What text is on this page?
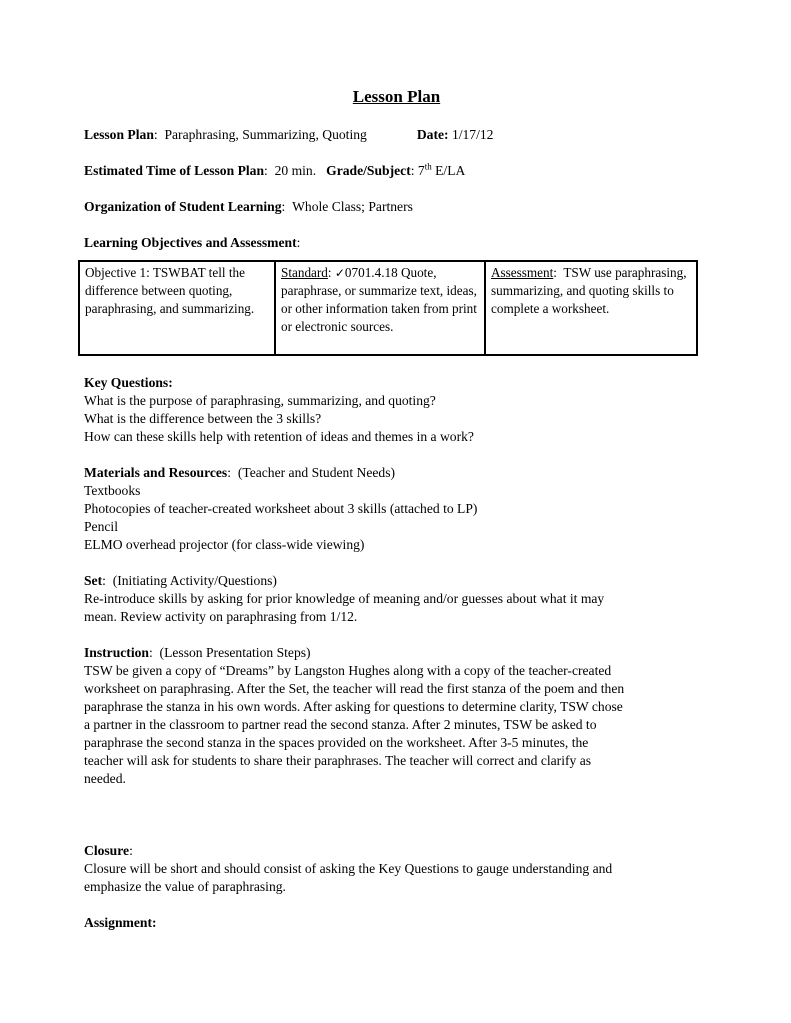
Lesson Plan

Lesson Plan:  Paraphrasing, Summarizing, Quoting	Date: 1/17/12

Estimated Time of Lesson Plan:  20 min. Grade/Subject: 7th E/LA

Organization of Student Learning:  Whole Class; Partners

Learning Objectives and Assessment:

Objective 1: TSWBAT tell the difference between quoting, paraphrasing, and summarizing.	Standard: ✓0701.4.18 Quote, paraphrase, or summarize text, ideas, or other information taken from print or electronic sources.	Assessment:  TSW use paraphrasing, summarizing, and quoting skills to complete a worksheet.

Key Questions:

What is the purpose of paraphrasing, summarizing, and quoting?

What is the difference between the 3 skills?

How can these skills help with retention of ideas and themes in a work?

Materials and Resources:  (Teacher and Student Needs)

Textbooks

Photocopies of teacher-created worksheet about 3 skills (attached to LP)

Pencil

ELMO overhead projector (for class-wide viewing)

Set:  (Initiating Activity/Questions)

Re-introduce skills by asking for prior knowledge of meaning and/or guesses about what it may

mean. Review activity on paraphrasing from 1/12.

Instruction:  (Lesson Presentation Steps)

TSW be given a copy of “Dreams” by Langston Hughes along with a copy of the teacher-created

worksheet on paraphrasing. After the Set, the teacher will read the first stanza of the poem and then

paraphrase the stanza in his own words. After asking for questions to determine clarity, TSW chose

a partner in the classroom to partner read the second stanza. After 2 minutes, TSW be asked to

paraphrase the second stanza in the spaces provided on the worksheet. After 3-5 minutes, the

teacher will ask for students to share their paraphrases. The teacher will correct and clarify as

needed.

Closure:

Closure will be short and should consist of asking the Key Questions to gauge understanding and

emphasize the value of paraphrasing.

Assignment:
